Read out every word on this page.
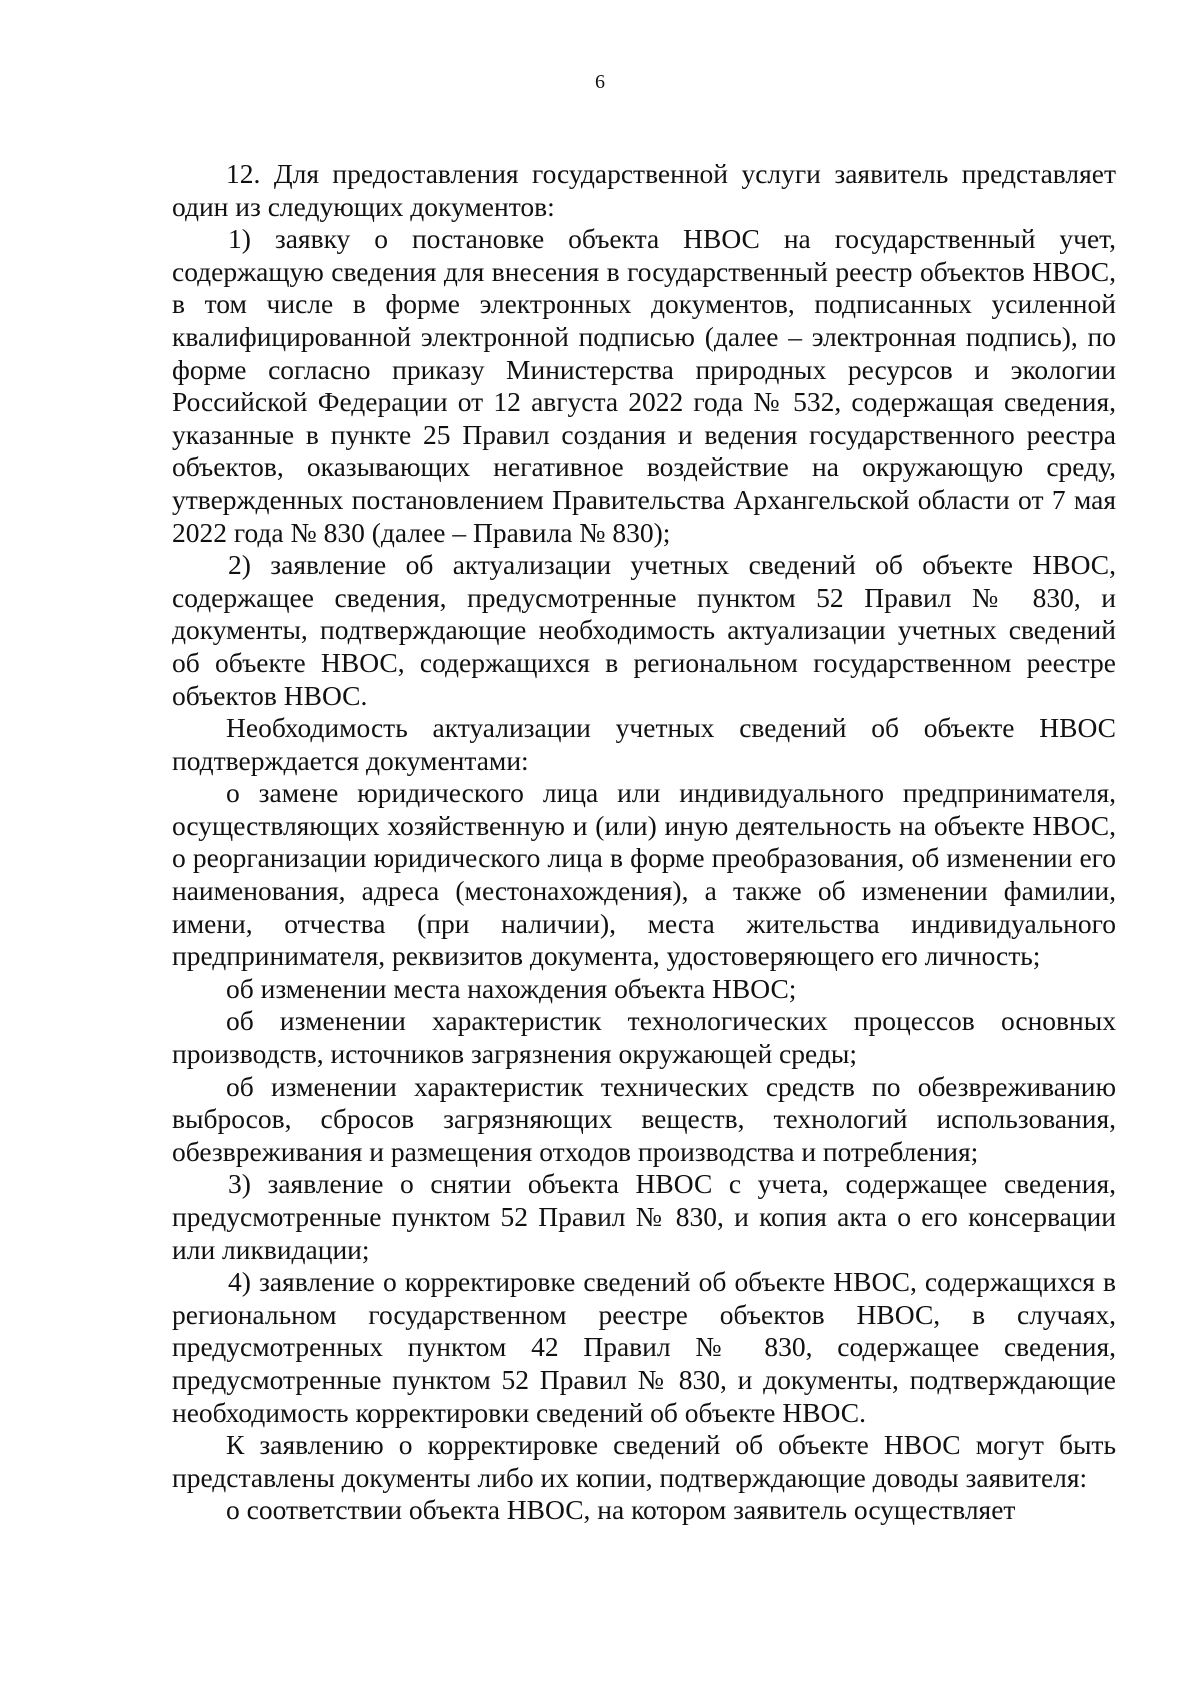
6

12. Для предоставления государственной услуги заявитель представляет один из следующих документов:

1) заявку о постановке объекта НВОС на государственный учет, содержащую сведения для внесения в государственный реестр объектов НВОС, в том числе в форме электронных документов, подписанных усиленной квалифицированной электронной подписью (далее – электронная подпись), по форме согласно приказу Министерства природных ресурсов и экологии Российской Федерации от 12 августа 2022 года № 532, содержащая сведения, указанные в пункте 25 Правил создания и ведения государственного реестра объектов, оказывающих негативное воздействие на окружающую среду, утвержденных постановлением Правительства Архангельской области от 7 мая 2022 года № 830 (далее – Правила № 830);

2) заявление об актуализации учетных сведений об объекте НВОС, содержащее сведения, предусмотренные пунктом 52 Правил № 830, и документы, подтверждающие необходимость актуализации учетных сведений об объекте НВОС, содержащихся в региональном государственном реестре объектов НВОС.

Необходимость актуализации учетных сведений об объекте НВОС подтверждается документами:

о замене юридического лица или индивидуального предпринимателя, осуществляющих хозяйственную и (или) иную деятельность на объекте НВОС, о реорганизации юридического лица в форме преобразования, об изменении его наименования, адреса (местонахождения), а также об изменении фамилии, имени, отчества (при наличии), места жительства индивидуального предпринимателя, реквизитов документа, удостоверяющего его личность;

об изменении места нахождения объекта НВОС;

об изменении характеристик технологических процессов основных производств, источников загрязнения окружающей среды;

об изменении характеристик технических средств по обезвреживанию выбросов, сбросов загрязняющих веществ, технологий использования, обезвреживания и размещения отходов производства и потребления;

3) заявление о снятии объекта НВОС с учета, содержащее сведения, предусмотренные пунктом 52 Правил № 830, и копия акта о его консервации или ликвидации;

4) заявление о корректировке сведений об объекте НВОС, содержащихся в региональном государственном реестре объектов НВОС, в случаях, предусмотренных пунктом 42 Правил № 830, содержащее сведения, предусмотренные пунктом 52 Правил № 830, и документы, подтверждающие необходимость корректировки сведений об объекте НВОС.

К заявлению о корректировке сведений об объекте НВОС могут быть представлены документы либо их копии, подтверждающие доводы заявителя:

о соответствии объекта НВОС, на котором заявитель осуществляет
